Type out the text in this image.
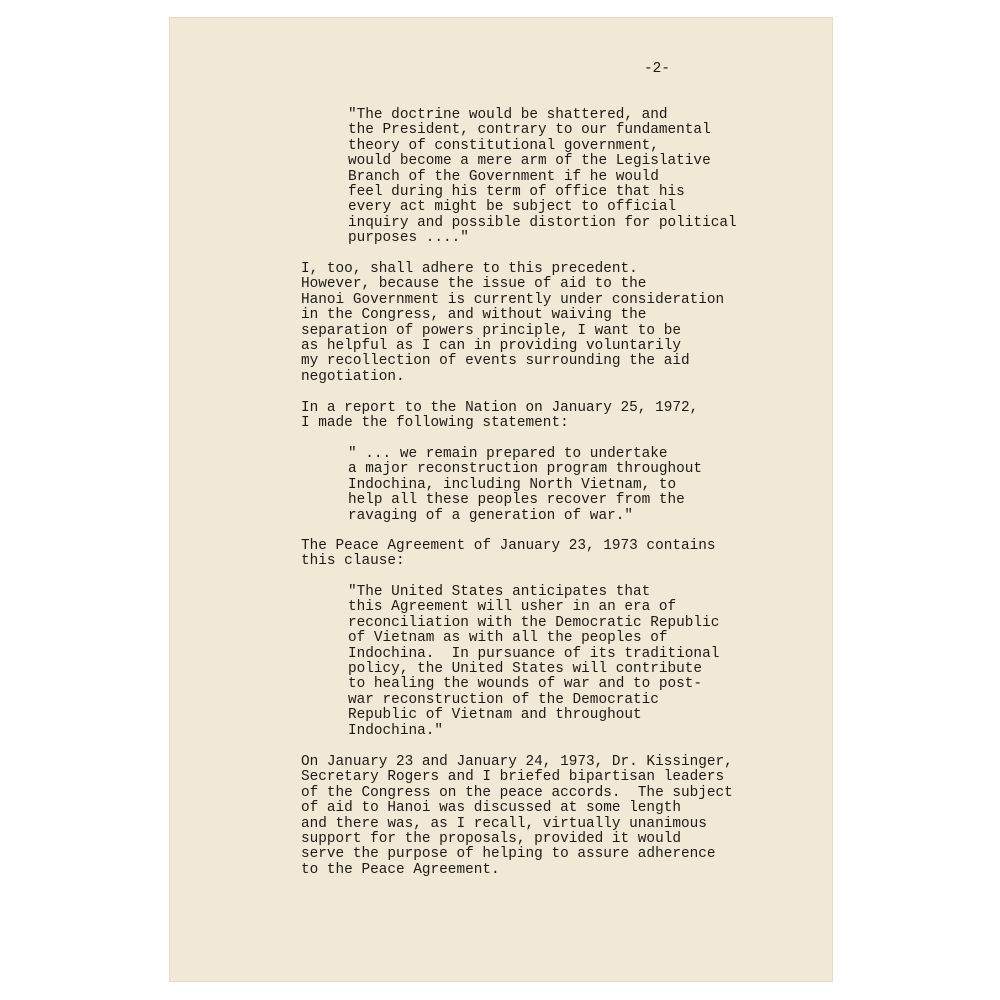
-2-
"The doctrine would be shattered, and
the President, contrary to our fundamental
theory of constitutional government,
would become a mere arm of the Legislative
Branch of the Government if he would
feel during his term of office that his
every act might be subject to official
inquiry and possible distortion for political
purposes ...."
I, too, shall adhere to this precedent.
However, because the issue of aid to the
Hanoi Government is currently under consideration
in the Congress, and without waiving the
separation of powers principle, I want to be
as helpful as I can in providing voluntarily
my recollection of events surrounding the aid
negotiation.
In a report to the Nation on January 25, 1972,
I made the following statement:
" ... we remain prepared to undertake
a major reconstruction program throughout
Indochina, including North Vietnam, to
help all these peoples recover from the
ravaging of a generation of war."
The Peace Agreement of January 23, 1973 contains
this clause:
"The United States anticipates that
this Agreement will usher in an era of
reconciliation with the Democratic Republic
of Vietnam as with all the peoples of
Indochina.  In pursuance of its traditional
policy, the United States will contribute
to healing the wounds of war and to post-
war reconstruction of the Democratic
Republic of Vietnam and throughout
Indochina."
On January 23 and January 24, 1973, Dr. Kissinger,
Secretary Rogers and I briefed bipartisan leaders
of the Congress on the peace accords.  The subject
of aid to Hanoi was discussed at some length
and there was, as I recall, virtually unanimous
support for the proposals, provided it would
serve the purpose of helping to assure adherence
to the Peace Agreement.
